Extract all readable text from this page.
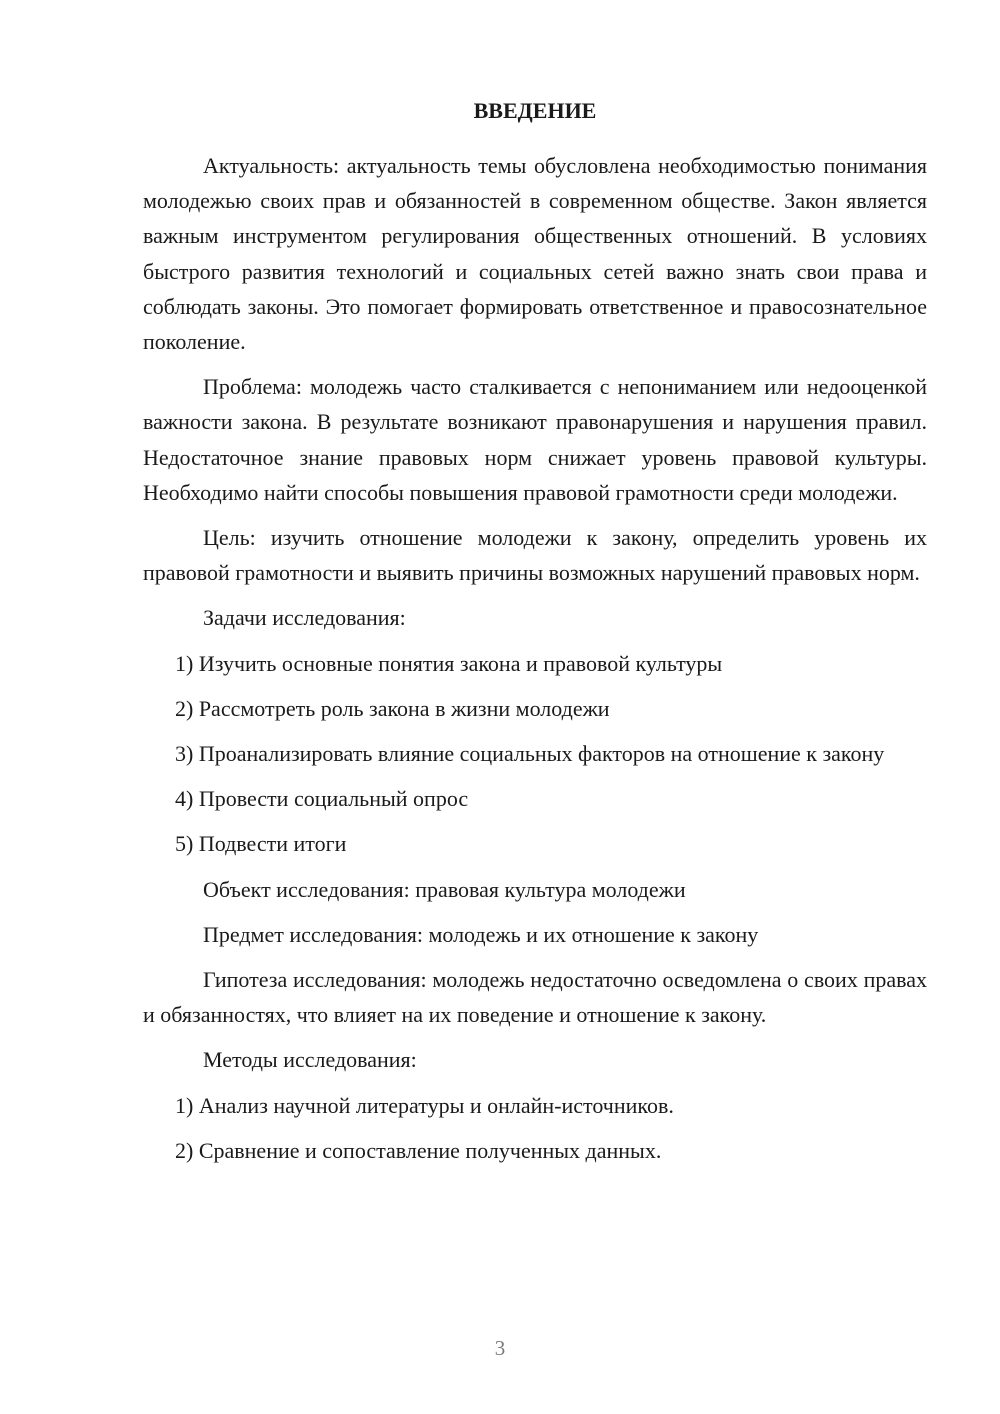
ВВЕДЕНИЕ

Актуальность: актуальность темы обусловлена необходимостью понимания молодежью своих прав и обязанностей в современном обществе. Закон является важным инструментом регулирования общественных отношений. В условиях быстрого развития технологий и социальных сетей важно знать свои права и соблюдать законы. Это помогает формировать ответственное и правосознательное поколение.

Проблема: молодежь часто сталкивается с непониманием или недооценкой важности закона. В результате возникают правонарушения и нарушения правил. Недостаточное знание правовых норм снижает уровень правовой культуры. Необходимо найти способы повышения правовой грамотности среди молодежи.

Цель: изучить отношение молодежи к закону, определить уровень их правовой грамотности и выявить причины возможных нарушений правовых норм.

Задачи исследования:
1) Изучить основные понятия закона и правовой культуры
2) Рассмотреть роль закона в жизни молодежи
3) Проанализировать влияние социальных факторов на отношение к закону
4) Провести социальный опрос
5) Подвести итоги
Объект исследования: правовая культура молодежи
Предмет исследования: молодежь и их отношение к закону

Гипотеза исследования: молодежь недостаточно осведомлена о своих правах и обязанностях, что влияет на их поведение и отношение к закону.

Методы исследования:
1) Анализ научной литературы и онлайн-источников.
2) Сравнение и сопоставление полученных данных.
3
